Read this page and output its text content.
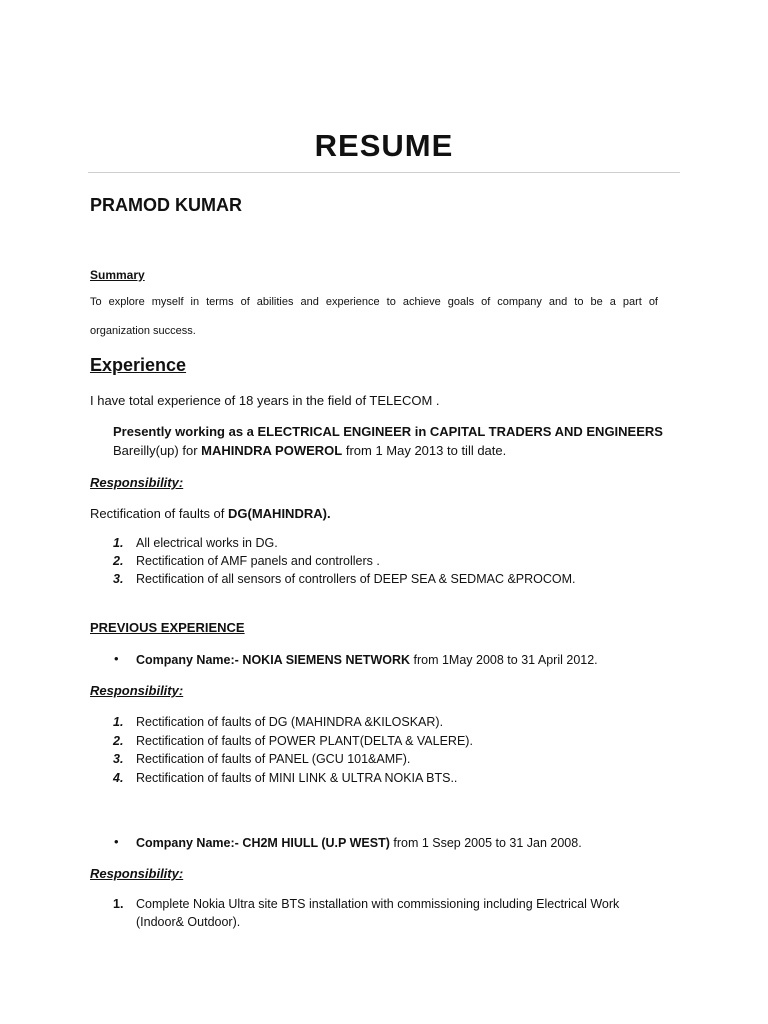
RESUME
PRAMOD KUMAR
Summary
To explore myself in terms of abilities and experience to achieve goals of company and to be a part of
organization success.
Experience
I have total experience of 18 years in the field of TELECOM .
Presently working as a ELECTRICAL ENGINEER in CAPITAL TRADERS AND ENGINEERS
Bareilly(up) for MAHINDRA POWEROL from 1 May 2013 to till date.
Responsibility:
Rectification of faults of DG(MAHINDRA).
1. All electrical works in DG.
2. Rectification of AMF panels and controllers .
3. Rectification of all sensors of controllers of DEEP SEA & SEDMAC &PROCOM.
PREVIOUS EXPERIENCE
• Company Name:- NOKIA SIEMENS NETWORK from 1May 2008 to 31 April 2012.
Responsibility:
1. Rectification of faults of DG (MAHINDRA &KILOSKAR).
2. Rectification of faults of POWER PLANT(DELTA & VALERE).
3. Rectification of faults of PANEL (GCU 101&AMF).
4. Rectification of faults of MINI LINK & ULTRA NOKIA BTS..
• Company Name:- CH2M HIULL (U.P WEST) from 1 Ssep 2005 to 31 Jan 2008.
Responsibility:
1. Complete Nokia Ultra site BTS installation with commissioning including Electrical Work
(Indoor& Outdoor).
